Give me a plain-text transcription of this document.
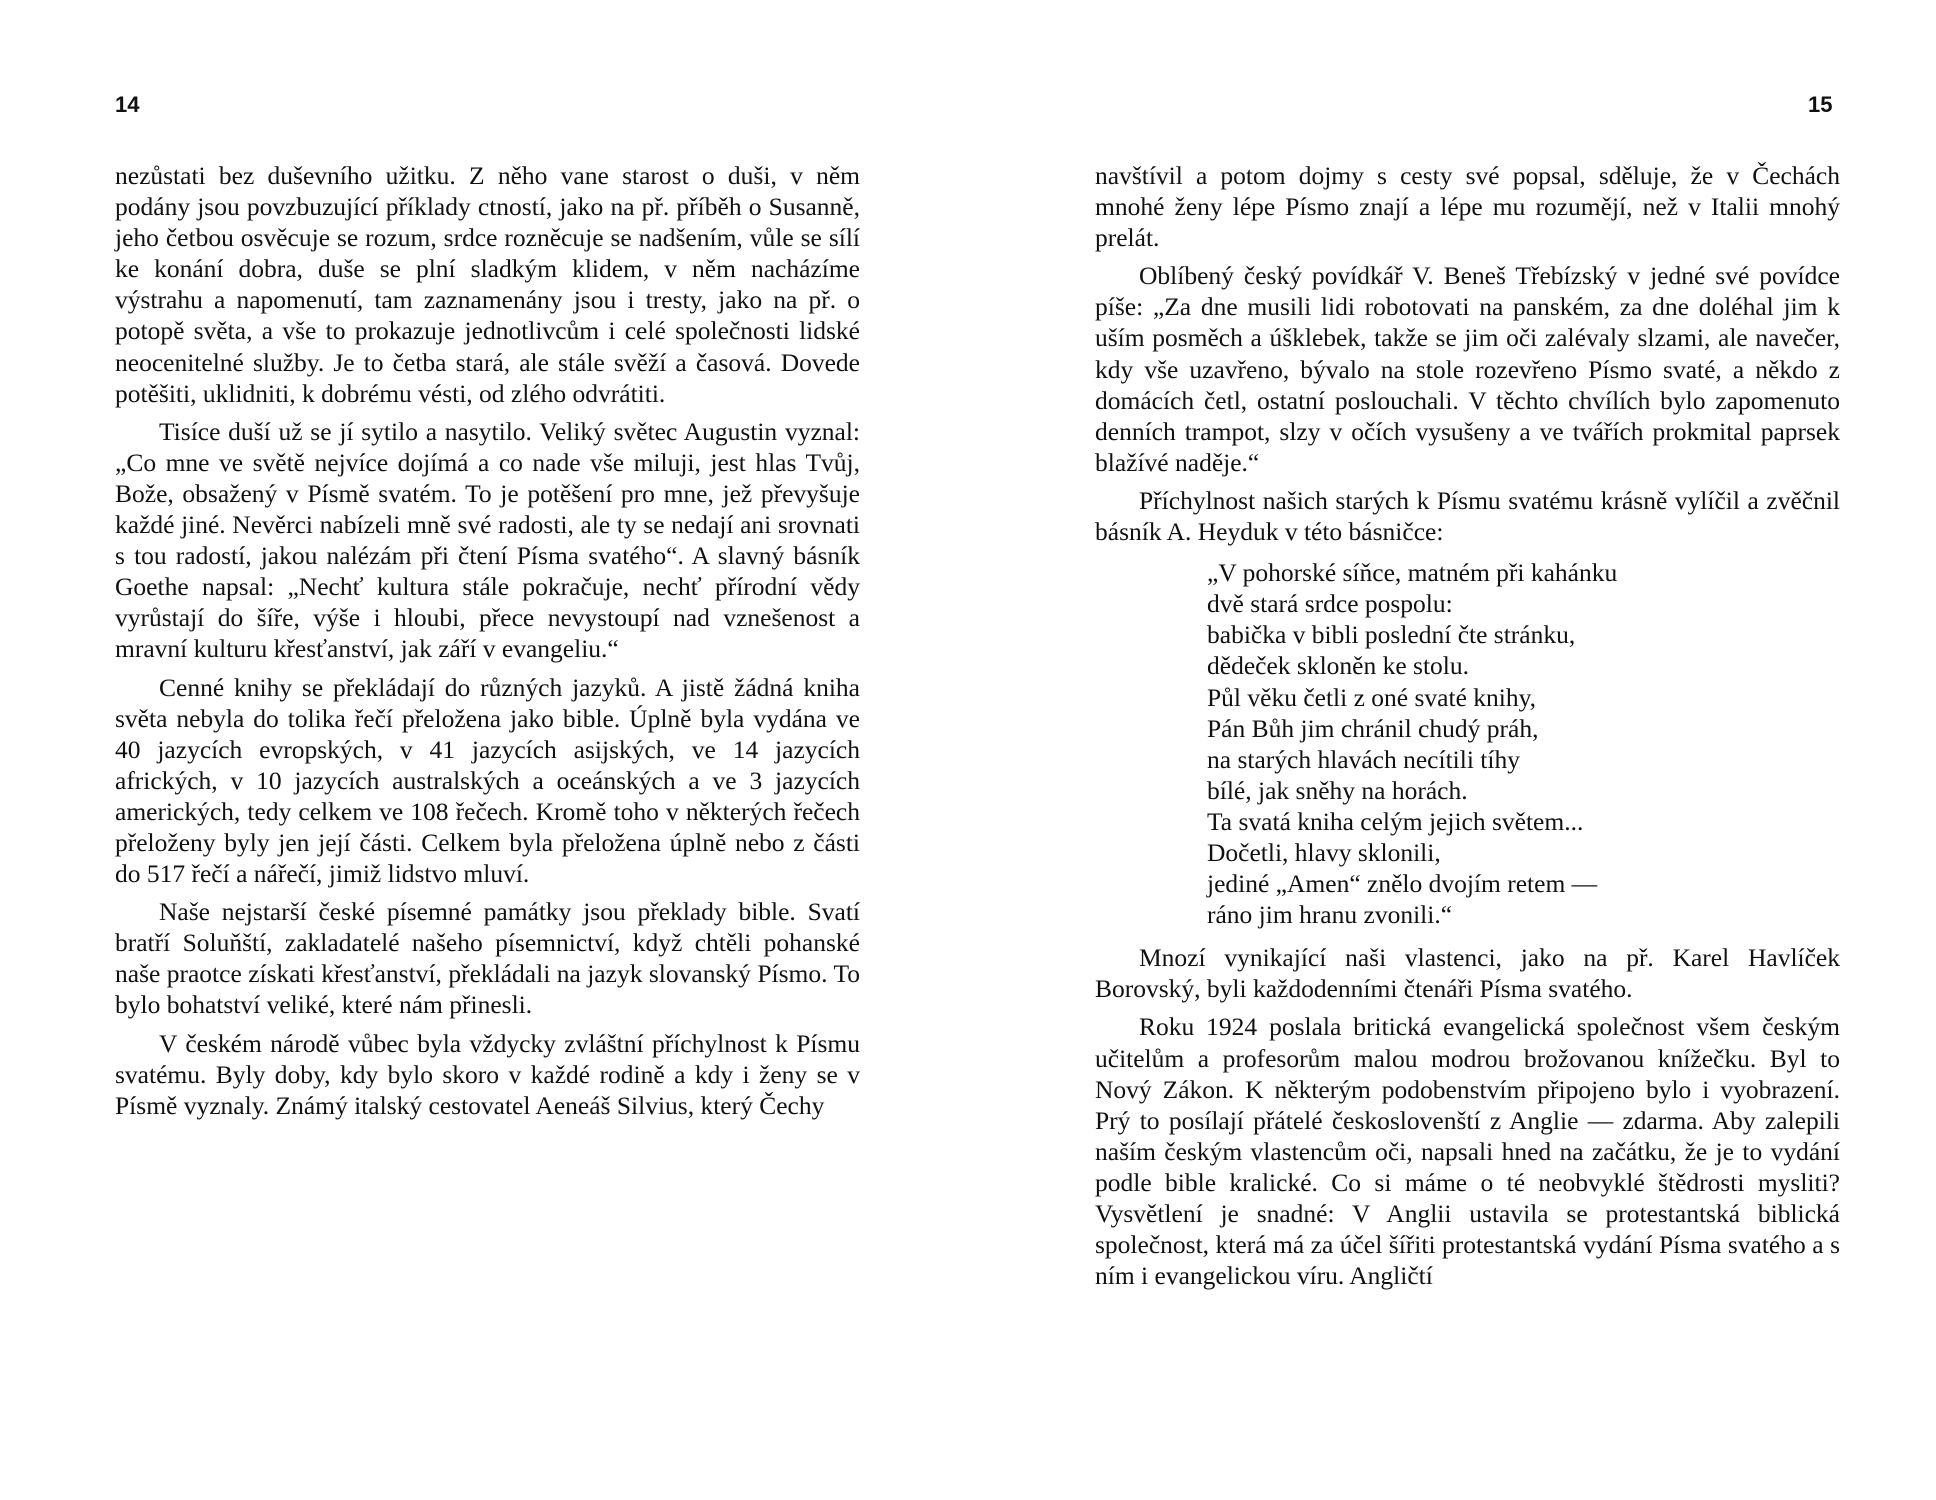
14

nezůstati bez duševního užitku. Z něho vane starost o duši, v něm podány jsou povzbuzující příklady ctností, jako na př. příběh o Susanně, jeho četbou osvěcuje se rozum, srdce rozněcuje se nadšením, vůle se sílí ke konání dobra, duše se plní sladkým klidem, v něm nacházíme výstrahu a napomenutí, tam zaznamenány jsou i tresty, jako na př. o potopě světa, a vše to prokazuje jednotlivcům i celé společnosti lidské neocenitelné služby. Je to četba stará, ale stále svěží a časová. Dovede potěšiti, uklidniti, k dobrému vésti, od zlého odvrátiti.

Tisíce duší už se jí sytilo a nasytilo. Veliký světec Augustin vyznal: „Co mne ve světě nejvíce dojímá a co nade vše miluji, jest hlas Tvůj, Bože, obsažený v Písmě svatém. To je potěšení pro mne, jež převyšuje každé jiné. Nevěrci nabízeli mně své radosti, ale ty se nedají ani srovnati s tou radostí, jakou nalézám při čtení Písma svatého“. A slavný básník Goethe napsal: „Nechť kultura stále pokračuje, nechť přírodní vědy vyrůstají do šíře, výše i hloubi, přece nevystoupí nad vznešenost a mravní kulturu křesťanství, jak září v evangeliu.“

Cenné knihy se překládají do různých jazyků. A jistě žádná kniha světa nebyla do tolika řečí přeložena jako bible. Úplně byla vydána ve 40 jazycích evropských, v 41 jazycích asijských, ve 14 jazycích afrických, v 10 jazycích australských a oceánských a ve 3 jazycích amerických, tedy celkem ve 108 řečech. Kromě toho v některých řečech přeloženy byly jen její části. Celkem byla přeložena úplně nebo z části do 517 řečí a nářečí, jimiž lidstvo mluví.

Naše nejstarší české písemné památky jsou překlady bible. Svatí bratří Soluňští, zakladatelé našeho písemnictví, když chtěli pohanské naše praotce získati křesťanství, překládali na jazyk slovanský Písmo. To bylo bohatství veliké, které nám přinesli.

V českém národě vůbec byla vždycky zvláštní příchylnost k Písmu svatému. Byly doby, kdy bylo skoro v každé rodině a kdy i ženy se v Písmě vyznaly. Známý italský cestovatel Aeneáš Silvius, který Čechy

15

navštívil a potom dojmy s cesty své popsal, sděluje, že v Čechách mnohé ženy lépe Písmo znají a lépe mu rozumějí, než v Italii mnohý prelát.

Oblíbený český povídkář V. Beneš Třebízský v jedné své povídce píše: „Za dne musili lidi robotovati na panském, za dne doléhal jim k uším posměch a úšklebek, takže se jim oči zalévaly slzami, ale navečer, kdy vše uzavřeno, bývalo na stole rozevřeno Písmo svaté, a někdo z domácích četl, ostatní poslouchali. V těchto chvílích bylo zapomenuto denních trampot, slzy v očích vysušeny a ve tvářích prokmital paprsek blažívé naděje.“

Příchylnost našich starých k Písmu svatému krásně vylíčil a zvěčnil básník A. Heyduk v této básničce:

„V pohorské síňce, matném při kahánku
dvě stará srdce pospolu:
babička v bibli poslední čte stránku,
dědeček skloněn ke stolu.
Půl věku četli z oné svaté knihy,
Pán Bůh jim chránil chudý práh,
na starých hlavách necítili tíhy
bílé, jak sněhy na horách.
Ta svatá kniha celým jejich světem...
Dočetli, hlavy sklonili,
jediné „Amen“ znělo dvojím retem —
ráno jim hranu zvonili.“

Mnozí vynikající naši vlastenci, jako na př. Karel Havlíček Borovský, byli každodenními čtenáři Písma svatého.

Roku 1924 poslala britická evangelická společnost všem českým učitelům a profesorům malou modrou brožovanou knížečku. Byl to Nový Zákon. K některým podobenstvím připojeno bylo i vyobrazení. Prý to posílají přátelé českoslovenští z Anglie — zdarma. Aby zalepili naším českým vlastencům oči, napsali hned na začátku, že je to vydání podle bible kralické. Co si máme o té neobvyklé štědrosti mysliti? Vysvětlení je snadné: V Anglii ustavila se protestantská biblická společnost, která má za účel šířiti protestantská vydání Písma svatého a s ním i evangelickou víru. Angličtí
